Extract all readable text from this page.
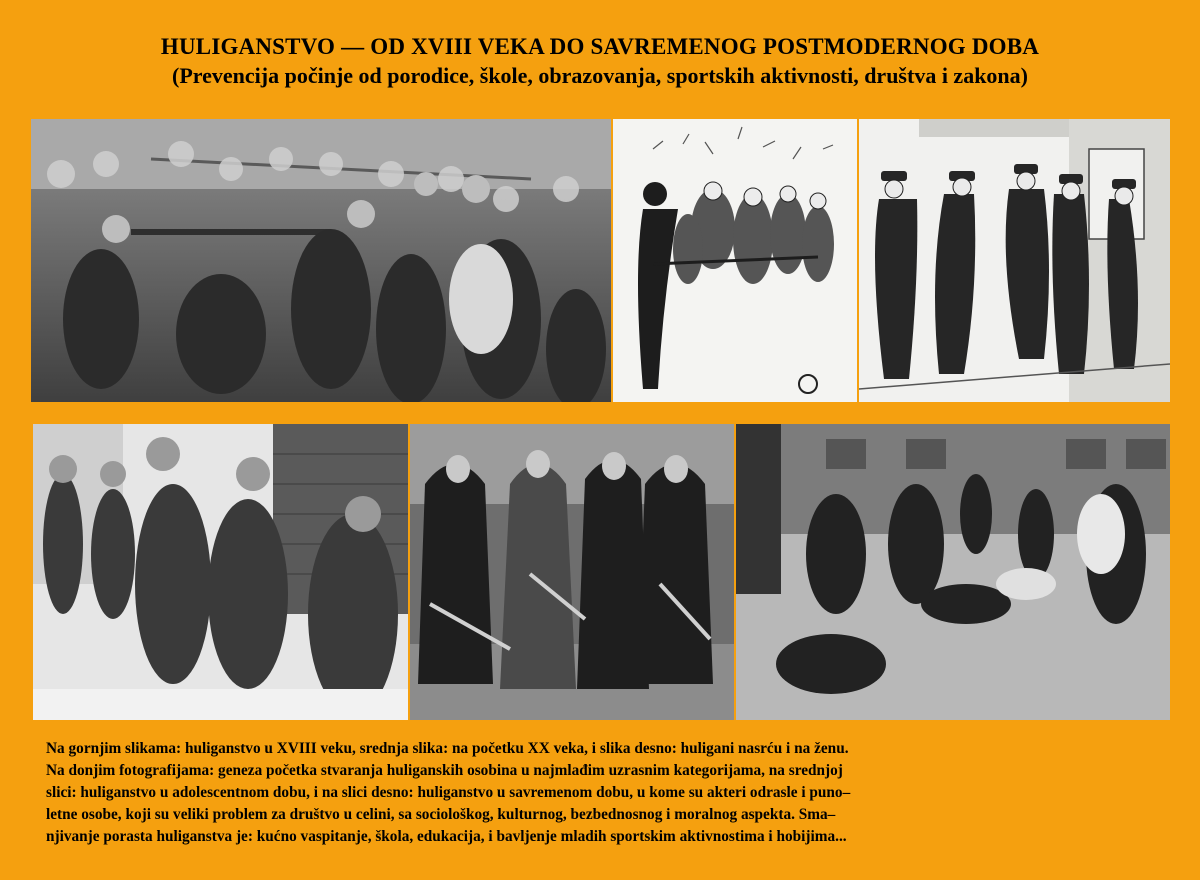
HULIGANSTVO — OD XVIII VEKA DO SAVREMENOG POSTMODERNOG DOBA
(Prevencija počinje od porodice, škole, obrazovanja, sportskih aktivnosti, društva i zakona)
Na gornjim slikama: huliganstvo u XVIII veku, srednja slika: na početku XX veka, i slika desno: huligani nasrću i na ženu.
Na donjim fotografijama: geneza početka stvaranja huliganskih osobina u najmlađim uzrasnim kategorijama, na srednjoj
slici: huliganstvo u adolescentnom dobu, i na slici desno: huliganstvo u savremenom dobu, u kome su akteri odrasle i puno–
letne osobe, koji su veliki problem za društvo u celini, sa sociološkog, kulturnog, bezbednosnog i moralnog aspekta. Sma–
njivanje porasta huliganstva je: kućno vaspitanje, škola, edukacija, i bavljenje mladih sportskim aktivnostima i hobijima...
